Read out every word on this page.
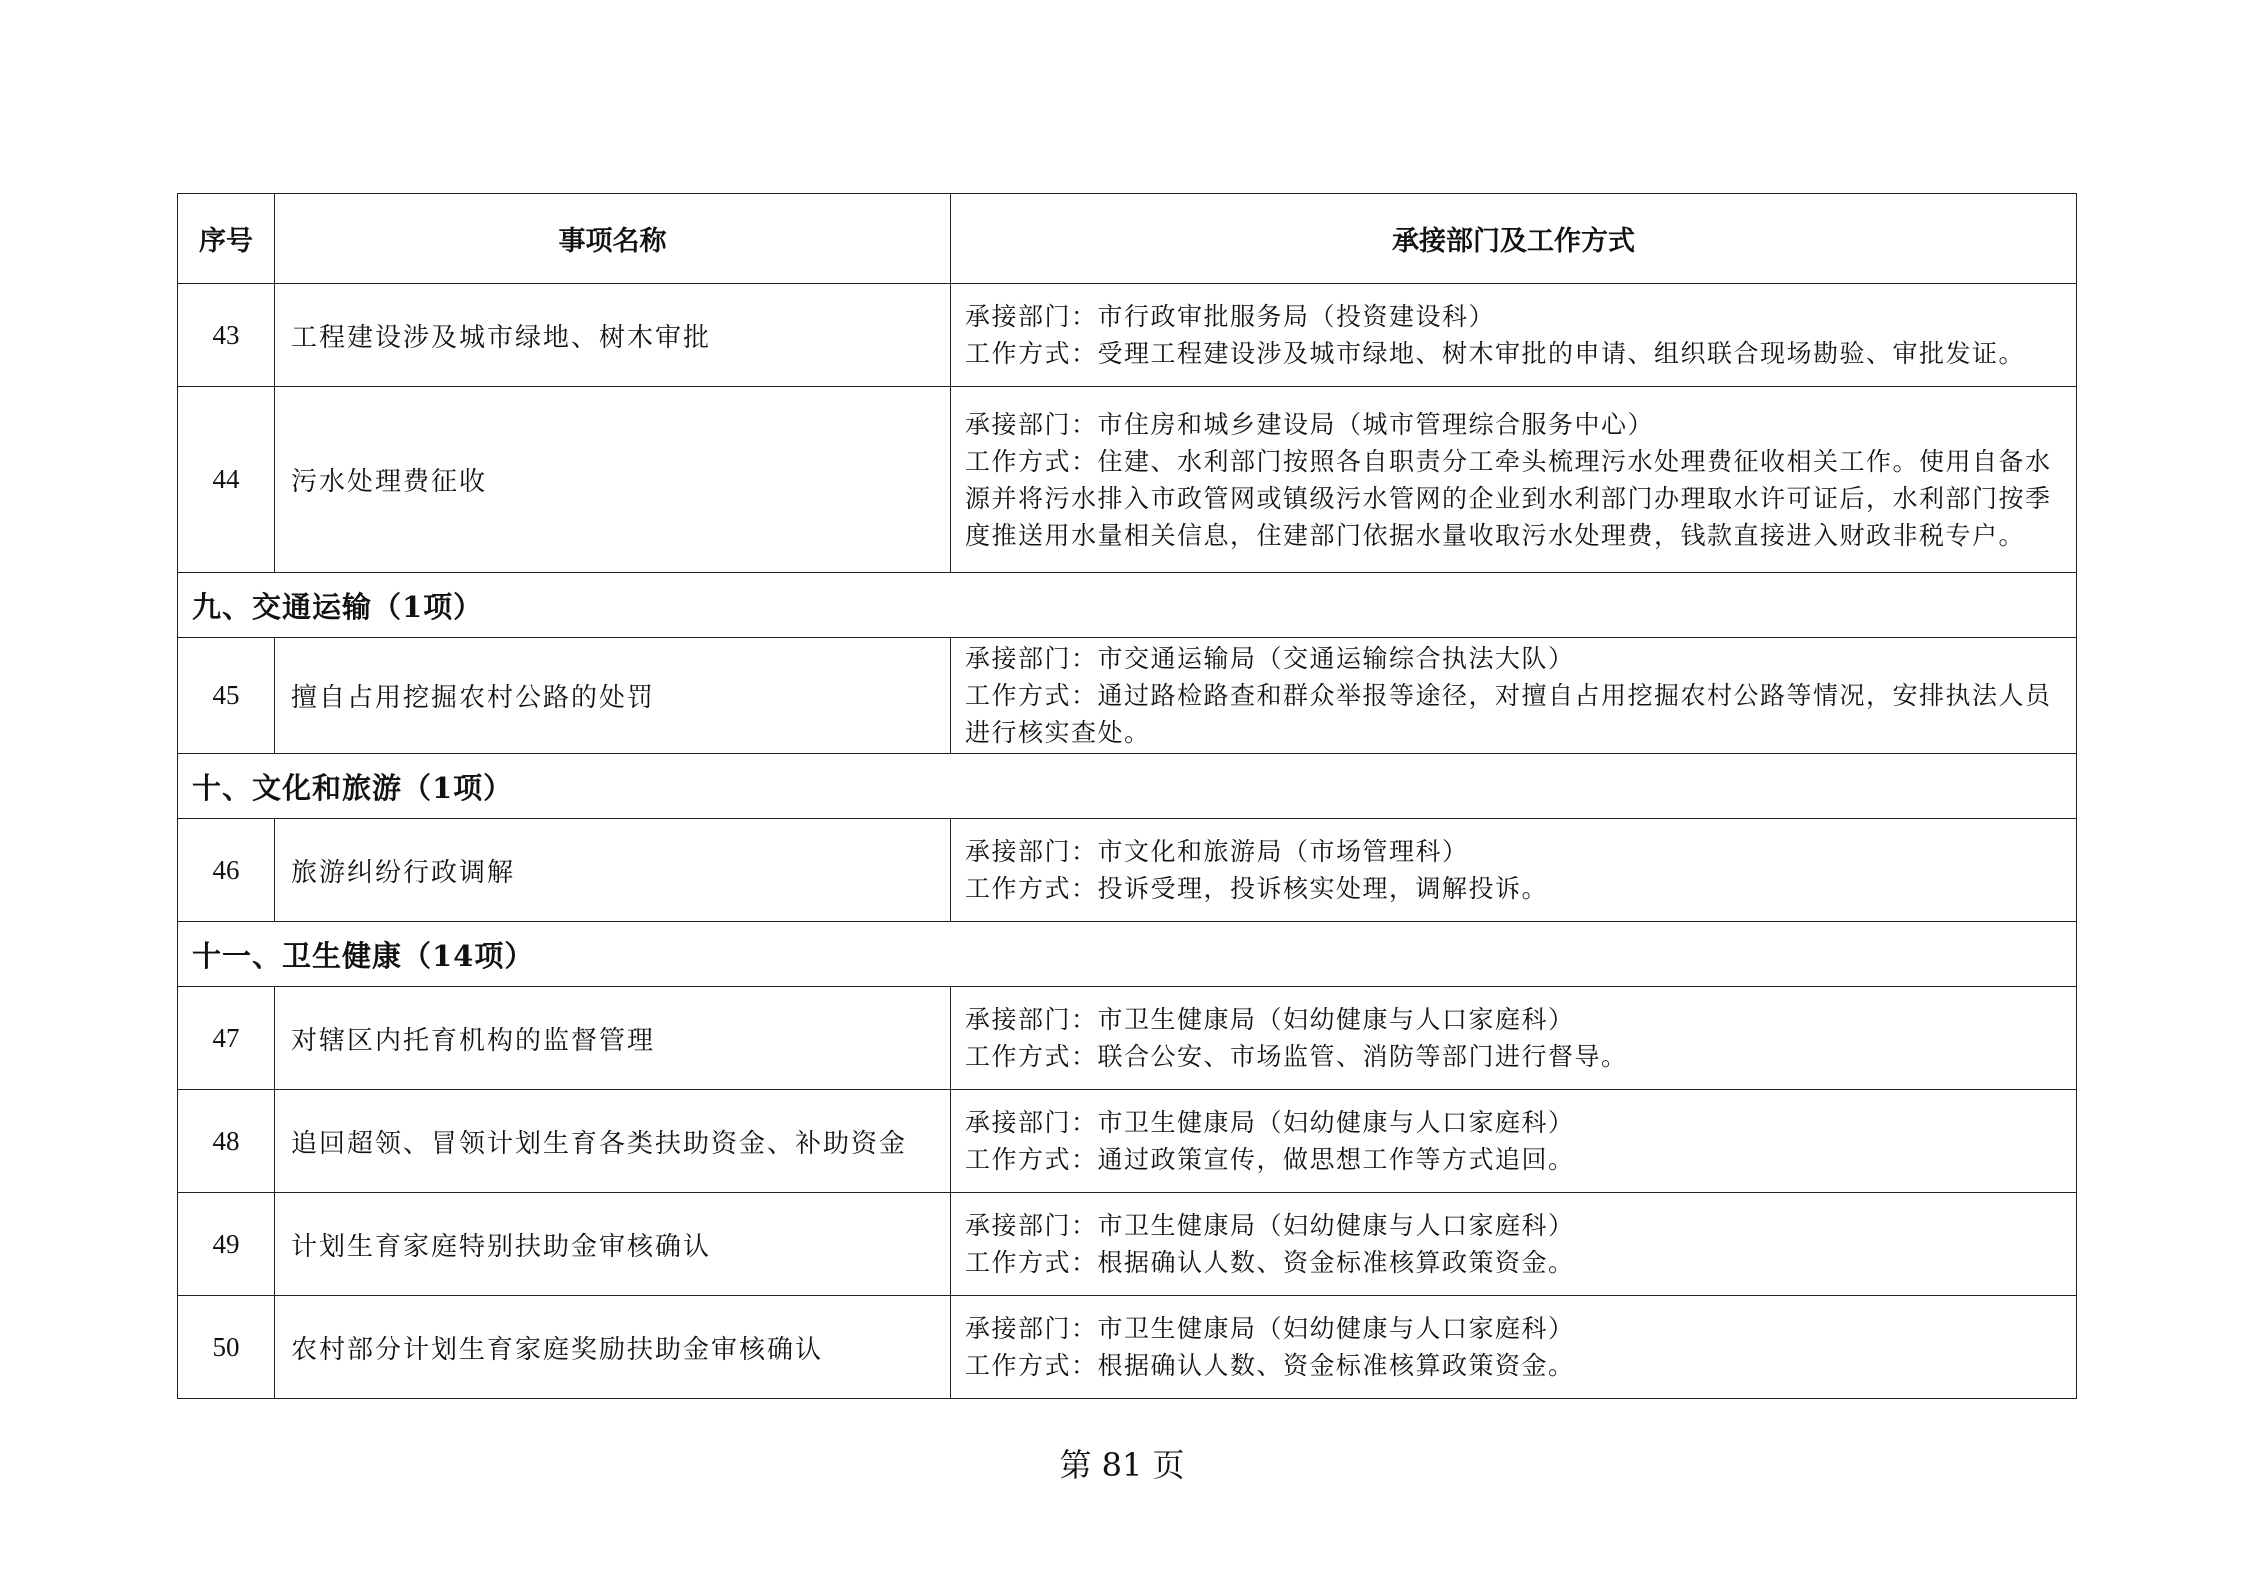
序号	事项名称	承接部门及工作方式
43	工程建设涉及城市绿地、树木审批	承接部门：市行政审批服务局（投资建设科）
工作方式：受理工程建设涉及城市绿地、树木审批的申请、组织联合现场勘验、审批发证。

44	污水处理费征收	承接部门：市住房和城乡建设局（城市管理综合服务中心）
工作方式：住建、水利部门按照各自职责分工牵头梳理污水处理费征收相关工作。使用自备水源并将污水排入市政管网或镇级污水管网的企业到水利部门办理取水许可证后，水利部门按季度推送用水量相关信息，住建部门依据水量收取污水处理费，钱款直接进入财政非税专户。

九、交通运输（1项）		
45	擅自占用挖掘农村公路的处罚	承接部门：市交通运输局（交通运输综合执法大队）
工作方式：通过路检路查和群众举报等途径，对擅自占用挖掘农村公路等情况，安排执法人员进行核实查处。

十、文化和旅游（1项）		
46	旅游纠纷行政调解	承接部门：市文化和旅游局（市场管理科）
工作方式：投诉受理，投诉核实处理，调解投诉。

十一、卫生健康（14项）		
47	对辖区内托育机构的监督管理	承接部门：市卫生健康局（妇幼健康与人口家庭科）
工作方式：联合公安、市场监管、消防等部门进行督导。

48	追回超领、冒领计划生育各类扶助资金、补助资金	承接部门：市卫生健康局（妇幼健康与人口家庭科）
工作方式：通过政策宣传，做思想工作等方式追回。

49	计划生育家庭特别扶助金审核确认	承接部门：市卫生健康局（妇幼健康与人口家庭科）
工作方式：根据确认人数、资金标准核算政策资金。

50	农村部分计划生育家庭奖励扶助金审核确认	承接部门：市卫生健康局（妇幼健康与人口家庭科）
工作方式：根据确认人数、资金标准核算政策资金。
第 81 页
